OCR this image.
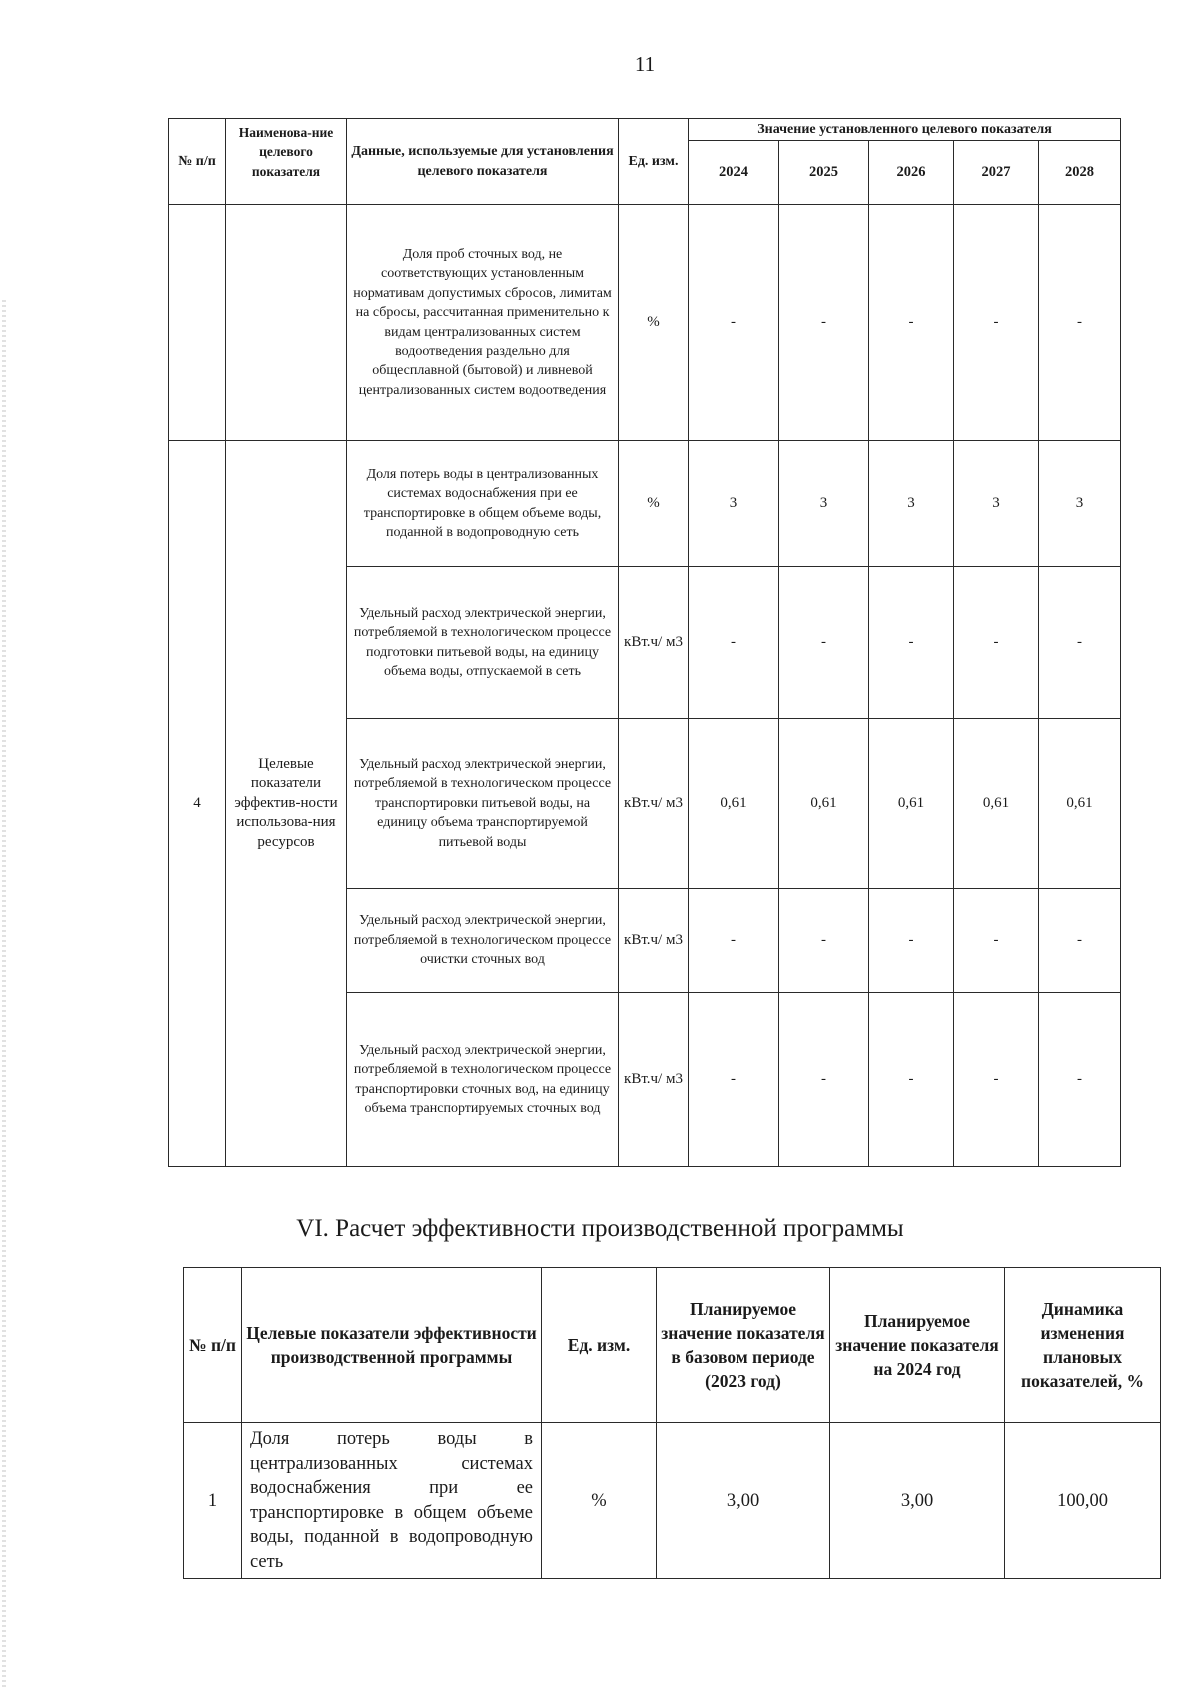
11
№ п/п	Наименова-ние целевого показателя	Данные, используемые для установления целевого показателя	Ед. изм.	Значение установленного целевого показателя				
				2024	2025	2026	2027	2028
		Доля проб сточных вод, не соответствующих установленным нормативам допустимых сбросов, лимитам на сбросы, рассчитанная применительно к видам централизованных систем водоотведения раздельно для общесплавной (бытовой) и ливневой централизованных систем водоотведения	%	-	-	-	-	-
4	Целевые показатели эффектив-ности использова-ния ресурсов	Доля потерь воды в централизованных системах водоснабжения при ее транспортировке в общем объеме воды, поданной в водопроводную сеть	%	3	3	3	3	3
		Удельный расход электрической энергии, потребляемой в технологическом процессе подготовки питьевой воды, на единицу объема воды, отпускаемой в сеть	кВт.ч/ м3	-	-	-	-	-
		Удельный расход электрической энергии, потребляемой в технологическом процессе транспортировки питьевой воды, на единицу объема транспортируемой питьевой воды	кВт.ч/ м3	0,61	0,61	0,61	0,61	0,61
		Удельный расход электрической энергии, потребляемой в технологическом процессе очистки сточных вод	кВт.ч/ м3	-	-	-	-	-
		Удельный расход электрической энергии, потребляемой в технологическом процессе транспортировки сточных вод, на единицу объема транспортируемых сточных вод	кВт.ч/ м3	-	-	-	-	-
VI. Расчет эффективности производственной программы
№ п/п	Целевые показатели эффективности производственной программы	Ед. изм.	Планируемое значение показателя в базовом периоде (2023 год)	Планируемое значение показателя на 2024 год	Динамика изменения плановых показателей, %
1	Доля потерь воды в централизованных системах водоснабжения при ее транспортировке в общем объеме воды, поданной в водопроводную сеть	%	3,00	3,00	100,00
